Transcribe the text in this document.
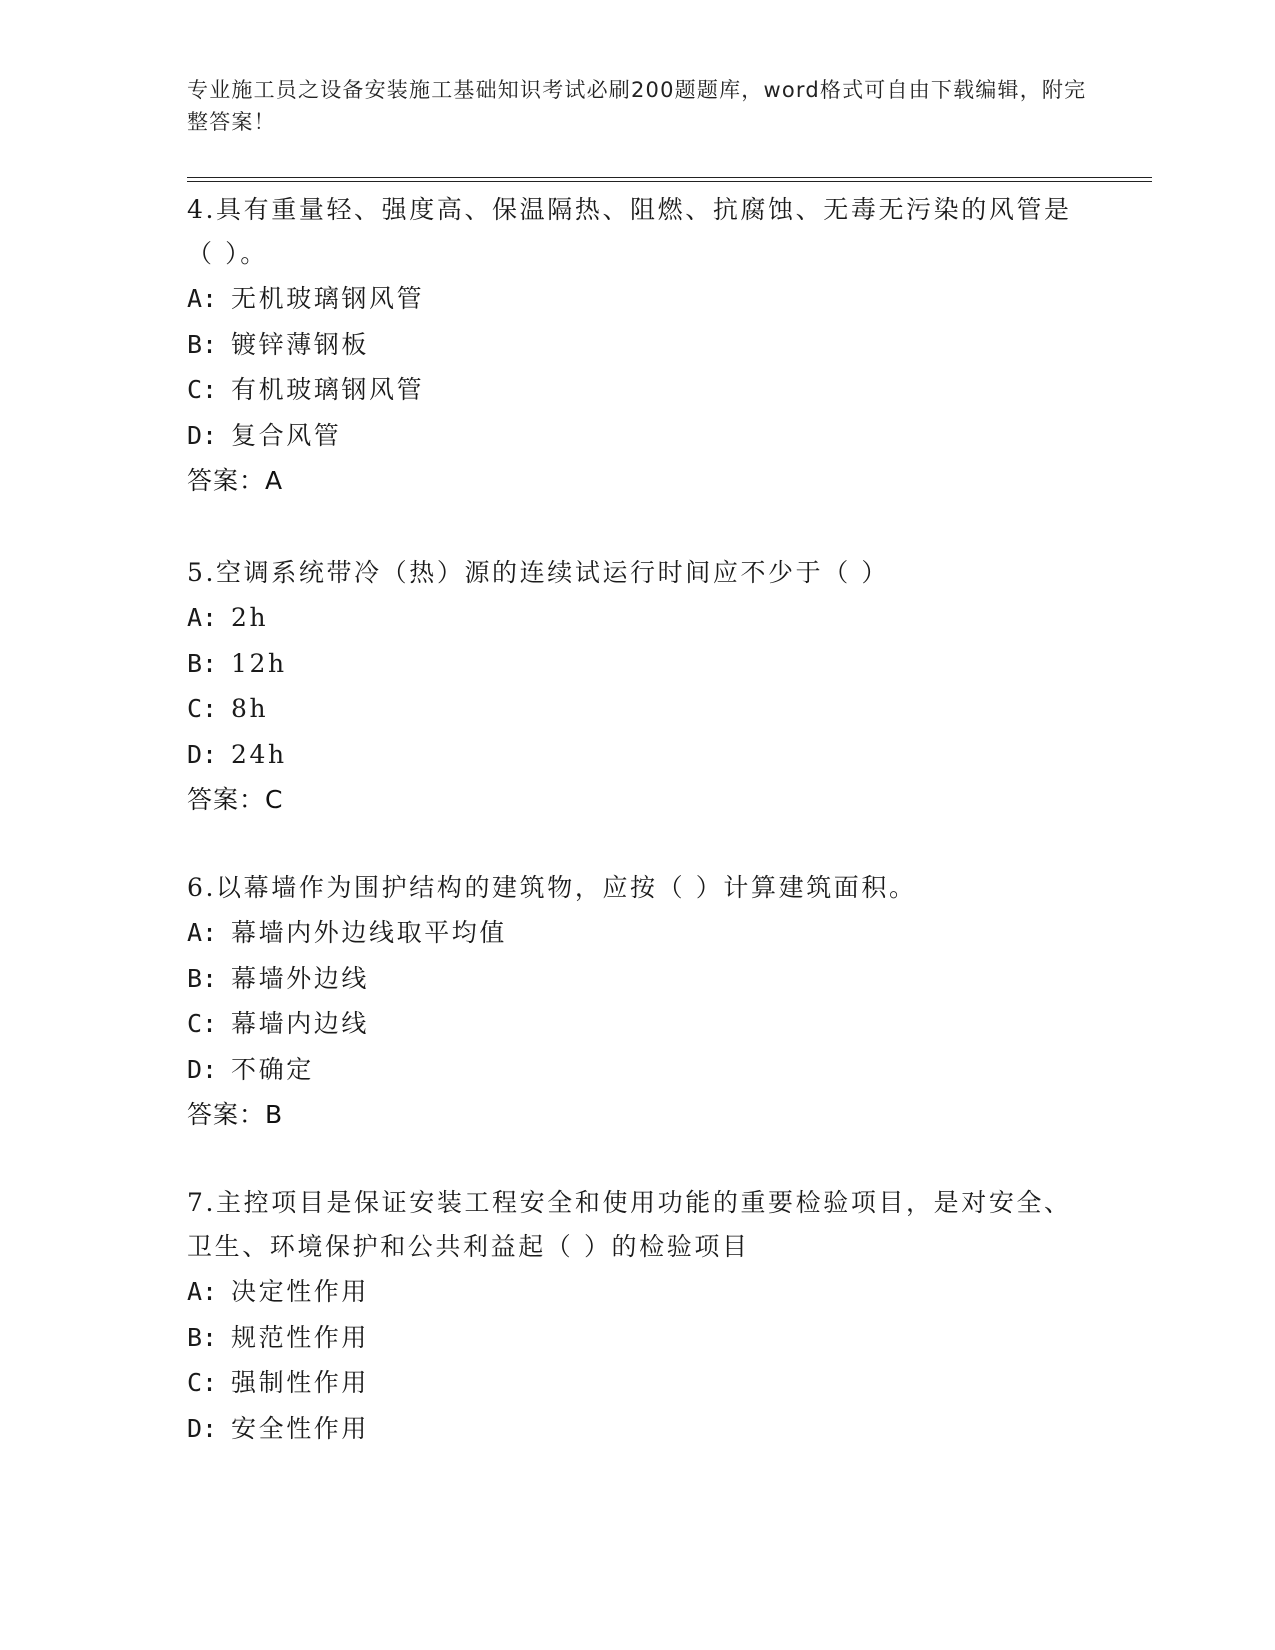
专业施工员之设备安装施工基础知识考试必刷200题题库，word格式可自由下载编辑，附完整答案！

4.具有重量轻、强度高、保温隔热、阻燃、抗腐蚀、无毒无污染的风管是（ ）。

A: 无机玻璃钢风管

B: 镀锌薄钢板

C: 有机玻璃钢风管

D: 复合风管

答案：A

5.空调系统带冷（热）源的连续试运行时间应不少于（ ）

A: 2h

B: 12h

C: 8h

D: 24h

答案：C

6.以幕墙作为围护结构的建筑物，应按（ ）计算建筑面积。

A: 幕墙内外边线取平均值

B: 幕墙外边线

C: 幕墙内边线

D: 不确定

答案：B

7.主控项目是保证安装工程安全和使用功能的重要检验项目，是对安全、卫生、环境保护和公共利益起（ ）的检验项目

A: 决定性作用

B: 规范性作用

C: 强制性作用

D: 安全性作用
